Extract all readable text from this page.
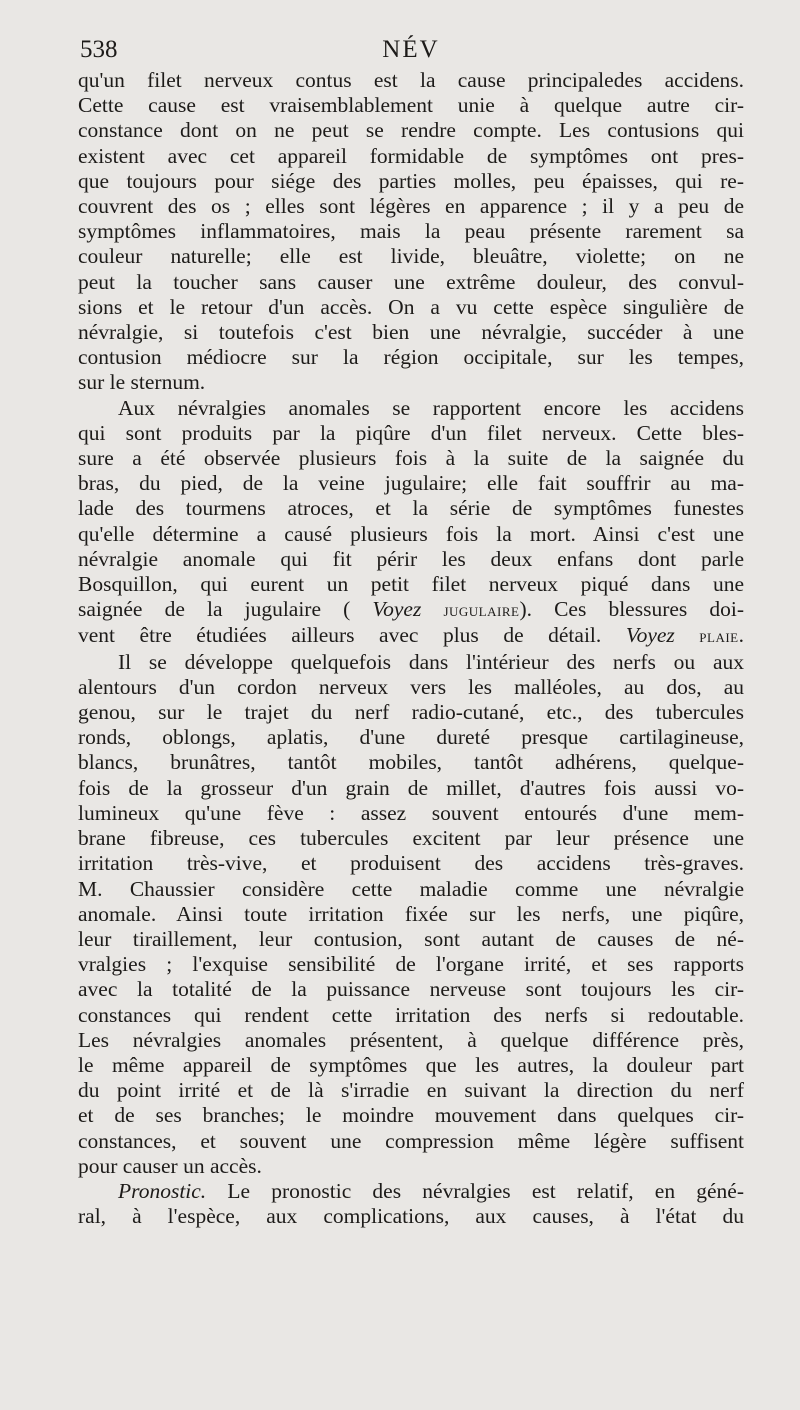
538	NÉV
qu'un filet nerveux contus est la cause principaledes accidens.
Cette cause est vraisemblablement unie à quelque autre cir-
constance dont on ne peut se rendre compte. Les contusions qui
existent avec cet appareil formidable de symptômes ont pres-
que toujours pour siége des parties molles, peu épaisses, qui re-
couvrent des os ; elles sont légères en apparence ; il y a peu de
symptômes inflammatoires, mais la peau présente rarement sa
couleur naturelle; elle est livide, bleuâtre, violette; on ne
peut la toucher sans causer une extrême douleur, des convul-
sions et le retour d'un accès. On a vu cette espèce singulière de
névralgie, si toutefois c'est bien une névralgie, succéder à une
contusion médiocre sur la région occipitale, sur les tempes,
sur le sternum.
Aux névralgies anomales se rapportent encore les accidens
qui sont produits par la piqûre d'un filet nerveux. Cette bles-
sure a été observée plusieurs fois à la suite de la saignée du
bras, du pied, de la veine jugulaire; elle fait souffrir au ma-
lade des tourmens atroces, et la série de symptômes funestes
qu'elle détermine a causé plusieurs fois la mort. Ainsi c'est une
névralgie anomale qui fit périr les deux enfans dont parle
Bosquillon, qui eurent un petit filet nerveux piqué dans une
saignée de la jugulaire ( Voyez jugulaire). Ces blessures doi-
vent être étudiées ailleurs avec plus de détail. Voyez plaie.
Il se développe quelquefois dans l'intérieur des nerfs ou aux
alentours d'un cordon nerveux vers les malléoles, au dos, au
genou, sur le trajet du nerf radio-cutané, etc., des tubercules
ronds, oblongs, aplatis, d'une dureté presque cartilagineuse,
blancs, brunâtres, tantôt mobiles, tantôt adhérens, quelque-
fois de la grosseur d'un grain de millet, d'autres fois aussi vo-
lumineux qu'une fève : assez souvent entourés d'une mem-
brane fibreuse, ces tubercules excitent par leur présence une
irritation très-vive, et produisent des accidens très-graves.
M. Chaussier considère cette maladie comme une névralgie
anomale. Ainsi toute irritation fixée sur les nerfs, une piqûre,
leur tiraillement, leur contusion, sont autant de causes de né-
vralgies ; l'exquise sensibilité de l'organe irrité, et ses rapports
avec la totalité de la puissance nerveuse sont toujours les cir-
constances qui rendent cette irritation des nerfs si redoutable.
Les névralgies anomales présentent, à quelque différence près,
le même appareil de symptômes que les autres, la douleur part
du point irrité et de là s'irradie en suivant la direction du nerf
et de ses branches; le moindre mouvement dans quelques cir-
constances, et souvent une compression même légère suffisent
pour causer un accès.
Pronostic. Le pronostic des névralgies est relatif, en géné-
ral, à l'espèce, aux complications, aux causes, à l'état du
